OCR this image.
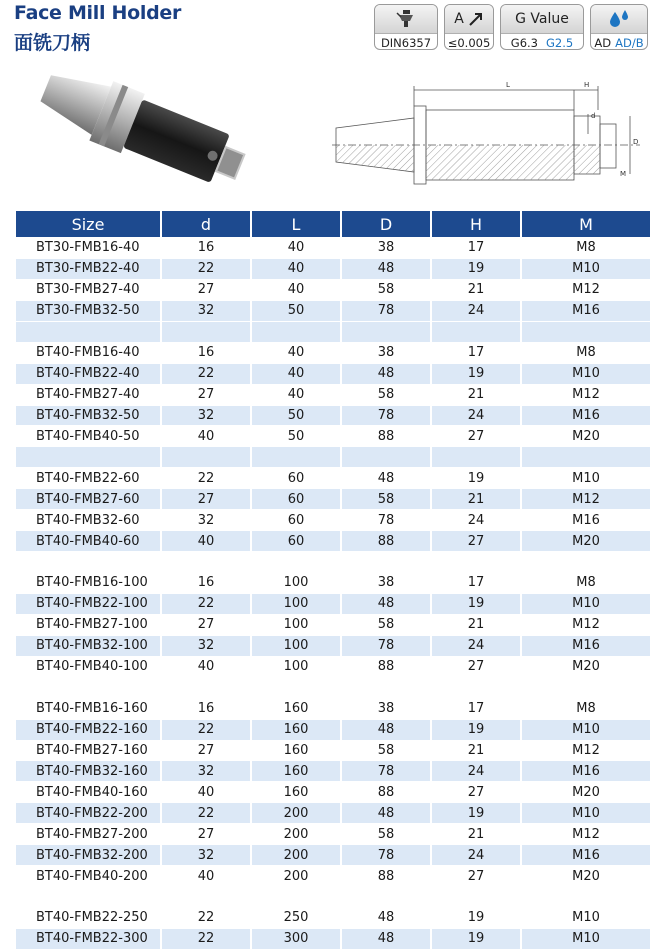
Face Mill Holder
面铣刀柄	DIN6357
A
≤0.005
G Value
G6.3 G2.5 AD AD/B
L	H
d
D
M
Size	d	L	D	H	M
BT30-FMB16-40	16	40	38	17	M8
BT30-FMB22-40	22	40	48	19	M10
BT30-FMB27-40	27	40	58	21	M12
BT30-FMB32-50	32	50	78	24	M16

BT40-FMB16-40	16	40	38	17	M8
BT40-FMB22-40	22	40	48	19	M10
BT40-FMB27-40	27	40	58	21	M12
BT40-FMB32-50	32	50	78	24	M16
BT40-FMB40-50	40	50	88	27	M20

BT40-FMB22-60	22	60	48	19	M10
BT40-FMB27-60	27	60	58	21	M12
BT40-FMB32-60	32	60	78	24	M16
BT40-FMB40-60	40	60	88	27	M20

BT40-FMB16-100	16	100	38	17	M8
BT40-FMB22-100	22	100	48	19	M10
BT40-FMB27-100	27	100	58	21	M12
BT40-FMB32-100	32	100	78	24	M16
BT40-FMB40-100	40	100	88	27	M20

BT40-FMB16-160	16	160	38	17	M8
BT40-FMB22-160	22	160	48	19	M10
BT40-FMB27-160	27	160	58	21	M12
BT40-FMB32-160	32	160	78	24	M16
BT40-FMB40-160	40	160	88	27	M20
BT40-FMB22-200	22	200	48	19	M10
BT40-FMB27-200	27	200	58	21	M12
BT40-FMB32-200	32	200	78	24	M16
BT40-FMB40-200	40	200	88	27	M20

BT40-FMB22-250	22	250	48	19	M10
BT40-FMB22-300	22	300	48	19	M10
